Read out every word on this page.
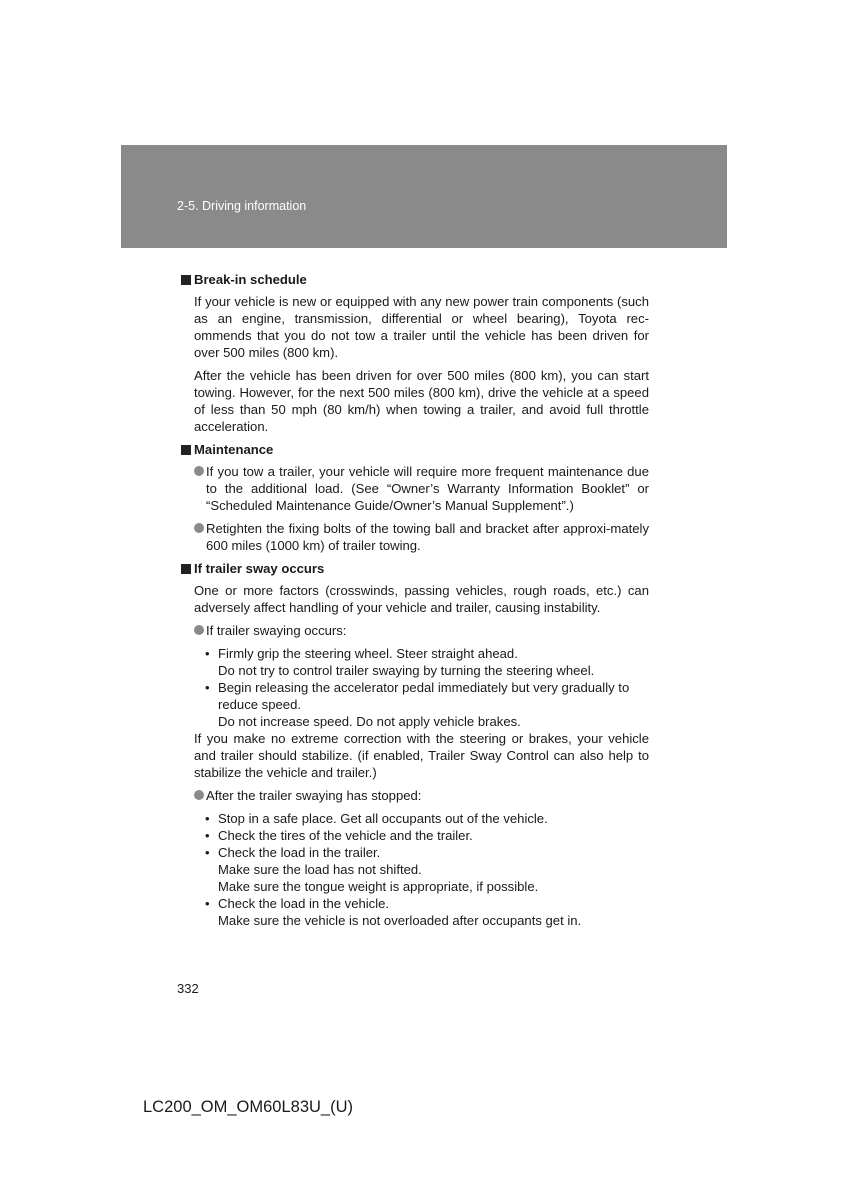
2-5. Driving information
Break-in schedule

If your vehicle is new or equipped with any new power train components (such as an engine, transmission, differential or wheel bearing), Toyota rec-ommends that you do not tow a trailer until the vehicle has been driven for over 500 miles (800 km).

After the vehicle has been driven for over 500 miles (800 km), you can start towing. However, for the next 500 miles (800 km), drive the vehicle at a speed of less than 50 mph (80 km/h) when towing a trailer, and avoid full throttle acceleration.

Maintenance
If you tow a trailer, your vehicle will require more frequent maintenance due to the additional load. (See “Owner’s Warranty Information Booklet” or “Scheduled Maintenance Guide/Owner’s Manual Supplement”.)
Retighten the fixing bolts of the towing ball and bracket after approxi-mately 600 miles (1000 km) of trailer towing.
If trailer sway occurs

One or more factors (crosswinds, passing vehicles, rough roads, etc.) can adversely affect handling of your vehicle and trailer, causing instability.

If trailer swaying occurs:
• Firmly grip the steering wheel. Steer straight ahead.
Do not try to control trailer swaying by turning the steering wheel.
• Begin releasing the accelerator pedal immediately but very gradually to reduce speed.
Do not increase speed. Do not apply vehicle brakes.

If you make no extreme correction with the steering or brakes, your vehicle and trailer should stabilize. (if enabled, Trailer Sway Control can also help to stabilize the vehicle and trailer.)

After the trailer swaying has stopped:
• Stop in a safe place. Get all occupants out of the vehicle.
• Check the tires of the vehicle and the trailer.
• Check the load in the trailer.
Make sure the load has not shifted.
Make sure the tongue weight is appropriate, if possible.
• Check the load in the vehicle.
Make sure the vehicle is not overloaded after occupants get in.
332
LC200_OM_OM60L83U_(U)
